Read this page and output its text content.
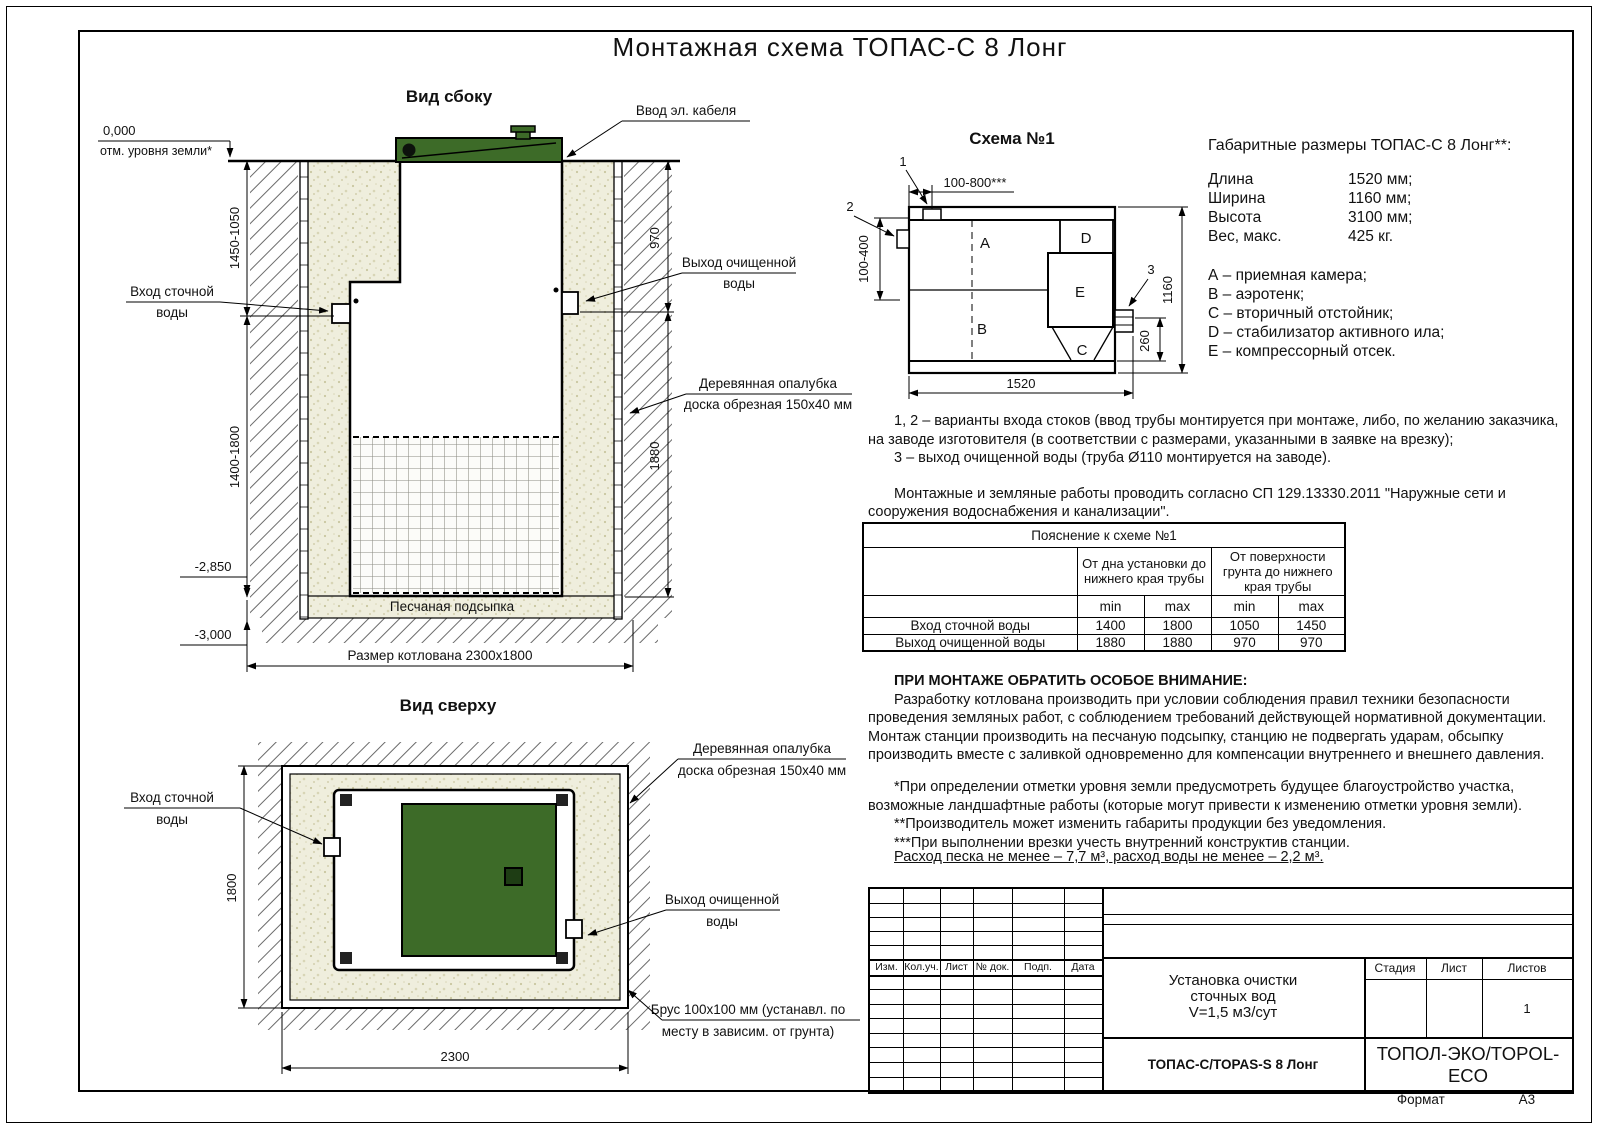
Монтажная схема ТОПАС-С 8 Лонг
Вид сбоку
0,000
отм. уровня земли*
1450-1050
1400-1800
970
1880
-2,850
-3,000
Размер котлована 2300x1800
Песчаная подсыпка
Ввод эл. кабеля
Вход сточной
воды
Выход очищенной
воды
Деревянная опалубка
доска обрезная 150x40 мм
Вид сверху
1800
2300
Вход сточной
воды
Деревянная опалубка
доска обрезная 150x40 мм
Выход очищенной
воды
Брус 100x100 мм (устанавл. по
месту в зависим. от грунта)
Схема №1
A
B
C
D
E
1
2
3
100-800***
100-400
1160
260
1520
Габаритные размеры ТОПАС-С 8 Лонг**:
Длина	1520 мм;
Ширина	1160 мм;
Высота	3100 мм;
Вес, макс.	425 кг.
А – приемная камера;
В – аэротенк;
С – вторичный отстойник;
D – стабилизатор активного ила;
Е – компрессорный отсек.

1, 2 – варианты входа стоков (ввод трубы монтируется при монтаже, либо, по желанию заказчика, на заводе изготовителя (в соответствии с размерами, указанными в заявке на врезку);

3 – выход очищенной воды (труба Ø110 монтируется на заводе).

Монтажные и земляные работы проводить согласно СП 129.13330.2011 "Наружные сети и сооружения водоснабжения и канализации".

Пояснение к схеме №1				
	От дна установки до нижнего края трубы		От поверхности грунта до нижнего края трубы	
	min	max	min	max
Вход сточной воды	1400	1800	1050	1450
Выход очищенной воды	1880	1880	970	970

ПРИ МОНТАЖЕ ОБРАТИТЬ ОСОБОЕ ВНИМАНИЕ:

Разработку котлована производить при условии соблюдения правил техники безопасности проведения земляных работ, с соблюдением требований действующей нормативной документации. Монтаж станции производить на песчаную подсыпку, станцию не подвергать ударам, обсыпку производить вместе с заливкой одновременно для компенсации внутреннего и внешнего давления.

*При определении отметки уровня земли предусмотреть будущее благоустройство участка, возможные ландшафтные работы (которые могут привести к изменению отметки уровня земли).

**Производитель может изменить габариты продукции без уведомления.

***При выполнении врезки учесть внутренний конструктив станции.

Расход песка не менее – 7,7 м³, расход воды не менее – 2,2 м³.

Изм. Кол.уч. Лист № док.	Подп.	Дата
Установка очистки
сточных вод
V=1,5 м3/сут
Стадия	Лист	Листов
1
ТОПАС-С/TOPAS-S 8 Лонг
ТОПОЛ-ЭКО/TOPOL-ECO
Формат	А3
